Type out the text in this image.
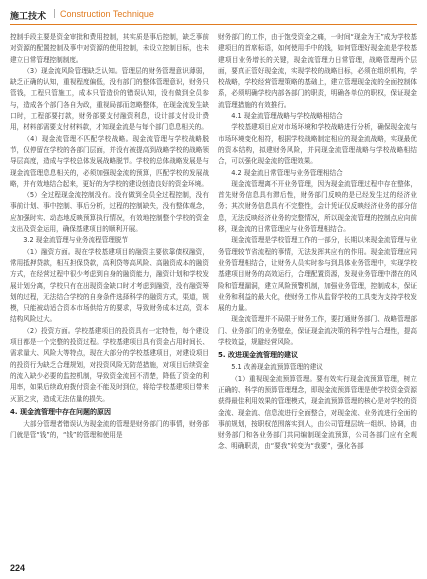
施工技术 | Construction Technique

控制手段主要是资金审批和费用控制，其实质是事后控制，缺乏事前对资源的配置控制及事中对资源的使用控制，未设立控制目标，也未建立日常管理控制制度。

（3）现金流风险管理缺乏认知。管理层的财务管理意识薄弱，缺乏正确的认知，重视程度偏低，没有部门的整体管理意识，财务只管钱，工程只管施工，成本只管造价的错误认知，没有做到全员参与，造成各个部门各自为政，重视局部而忽略整体，在现金流发生缺口时，工程部要打款，财务部要支付融资利息，设计部支付设计费用，材料部需要支付材料款，才知现金流是与每个部门息息相关的。

（4）现金流管理不匹配学校战略。现金流管理与学校战略脱节，仅停留在学校的各部门层面，并没有被提高到战略学校的战略领导层高度，造成与学校总体发展战略脱节。学校的总体战略发展是与现金流管理息息相关的，必须加强现金流的预算，匹配学校的发展战略，并有效地结合起来，更好的为学校的建设创造良好的资金环境。

（5）全过程现金流控制没有。没有做到全员全过程控制，没有事前计划、事中控制、事后分析，过程的控制缺失，没有整体观念，应加强时实、动态地反映预算执行情况，有效地控制整个学校的资金支出及资金运用，确保基建项目的顺利开展。

3.2 现金流管理与业务流程管理脱节

（1）融资方面。现在学校基建项目的融资主要依靠债权融资，常用抵押贷款，相互担保贷款，高利贷等高风险、高融资成本的融资方式，在经营过程中很少考虑到自身的融资能力，融资计划和学校发展计划分离，学校只有在出现资金缺口时才考虑到融资，没有融资筹划的过程，无法结合学校的自身条件选择科学的融资方式，渠道，规模，只能被动适合资本市场供给方的要求，导致财务成本过高，资本结构风险过大。

（2）投资方面。学校基建项目的投资具有一定特性，每个建设项目都是一个完整的投资过程。学校基建项目具有资金占用时间长、需求量大、风险大等特点，现在大部分的学校基建项目，对建设项目的投资行为缺乏合理规划，对投资风险无防范措施，对项目后续资金的流入缺少必要的监控机制，导致资金流回不清楚，降低了资金的利用率，如果后续政府拨付资金不能及时到位，将给学校基建项目带来灭顶之灾，造成无法估量的损失。

4. 现金流管理中存在问题的原因

大部分管理者错误认为现金流的管理是财务部门的事情，财务部门就是管“钱”的，“钱”的管理和使用是

财务部门的工作，由于饱受资金之痛，一时间“现金为王”成为学校基建项目的首席标语，如何使用手中的钱，如何管理好现金流是学校基建项目业务增长的关键，现金流管理力日常管理，战略管理两个层面，要真正管好现金流，实现学校的战略目标，必须在组织机构，学校战略，学校经营管理策略的基础上，建立管理现金流的全面控制体系，必须明确学校内部各部门的职责，明确各单位的职权，保证现金流管理措施的有效推行。

4.1 现金流管理战略与学校战略相结合

学校基建项目应对市场环境和学校战略进行分析，确保现金流与市场环境变化相符，根据学校战略制定相应的现金流战略，实现最优的资本结构，拟建财务风险，并同现金流管理战略与学校战略相结合，可以强化现金流的管理效果。

4.2 现金流日常管理与业务管理相结合

现金流管理离不开业务管理，因为现金流管理过程中存在整体，首先财务信息具有滞后性，财务部门反映的是已经发生过的经济业务；其次财务信息具有不完整性，会计凭证仅反映经济业务的部分信息，无法反映经济业务的完整情况，所以现金流管理的控制点应向前移，现金流的日常管理应与业务管理相结合。

现金流管理是学校管理工作的一部分，长期以来现金流管理与业务管理较节省流程的事情，无法发挥其应有的作用。现金流管理应同业务管理相结合，让财务人员实时参与到具体业务管理中，实现学校基建项目财务的高效运行，合理配置资源，发现业务管理中潜在的风险和管理漏洞，建立风险预警机制，加强业务管理，控制成本，保证业务和利益的最大化，使财务工作从监督学校的工具变为支持学校发展的力量。

现金流管理并不局限于财务工作，要打通财务部门、战略管理部门、业务部门的业务壁垒，保证现金流决策的科学性与合理性，提高学校效益，规避经营风险。

5. 改进现金流管理的建议
5.1 改善现金流预算管理的建议

（1）重视现金流预算管理。要有效实行现金流预算管理，树立正确的、科学的预算管理理念，即现金流预算管理是使学校资金资源获得最佳利用效果的管理模式，现金流预算管理的核心是对学校的资金流、现金流、信息流进行全面整合，对现金流、业务流进行全面的事前规划，按职权范围落实到人，由公司管理层统一组织、协调，由财务部门和各业务部门共同编制现金流预算，公司各部门应有全观念、明确职责，由“要我”转变为“我要”，强化各部

224
